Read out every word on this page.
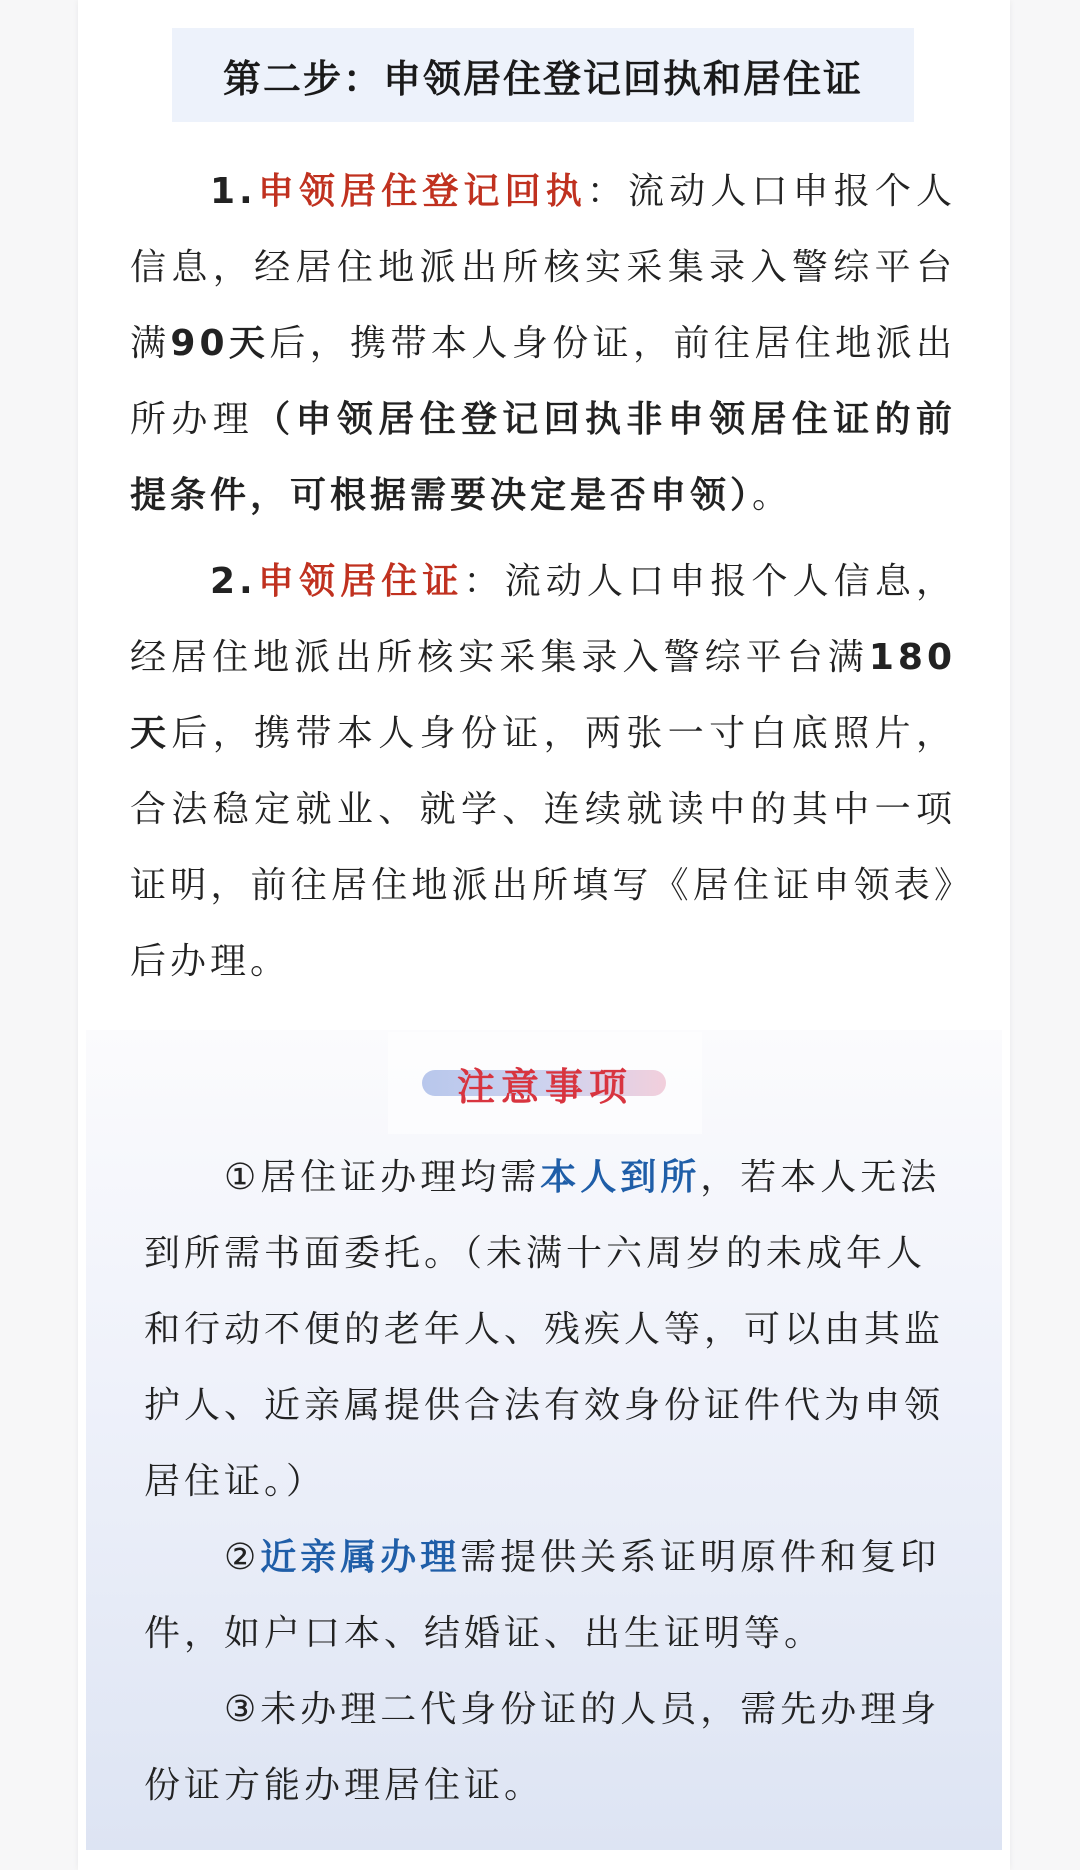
第二步：申领居住登记回执和居住证
1.申领居住登记回执：流动人口申报个人信息，经居住地派出所核实采集录入警综平台满90天后，携带本人身份证，前往居住地派出所办理（申领居住登记回执非申领居住证的前提条件，可根据需要决定是否申领）。
2.申领居住证：流动人口申报个人信息，经居住地派出所核实采集录入警综平台满180天后，携带本人身份证，两张一寸白底照片，合法稳定就业、就学、连续就读中的其中一项证明，前往居住地派出所填写《居住证申领表》后办理。
注意事项
①居住证办理均需本人到所，若本人无法到所需书面委托。（未满十六周岁的未成年人和行动不便的老年人、残疾人等，可以由其监护人、近亲属提供合法有效身份证件代为申领居住证。）
②近亲属办理需提供关系证明原件和复印件，如户口本、结婚证、出生证明等。
③未办理二代身份证的人员，需先办理身份证方能办理居住证。
